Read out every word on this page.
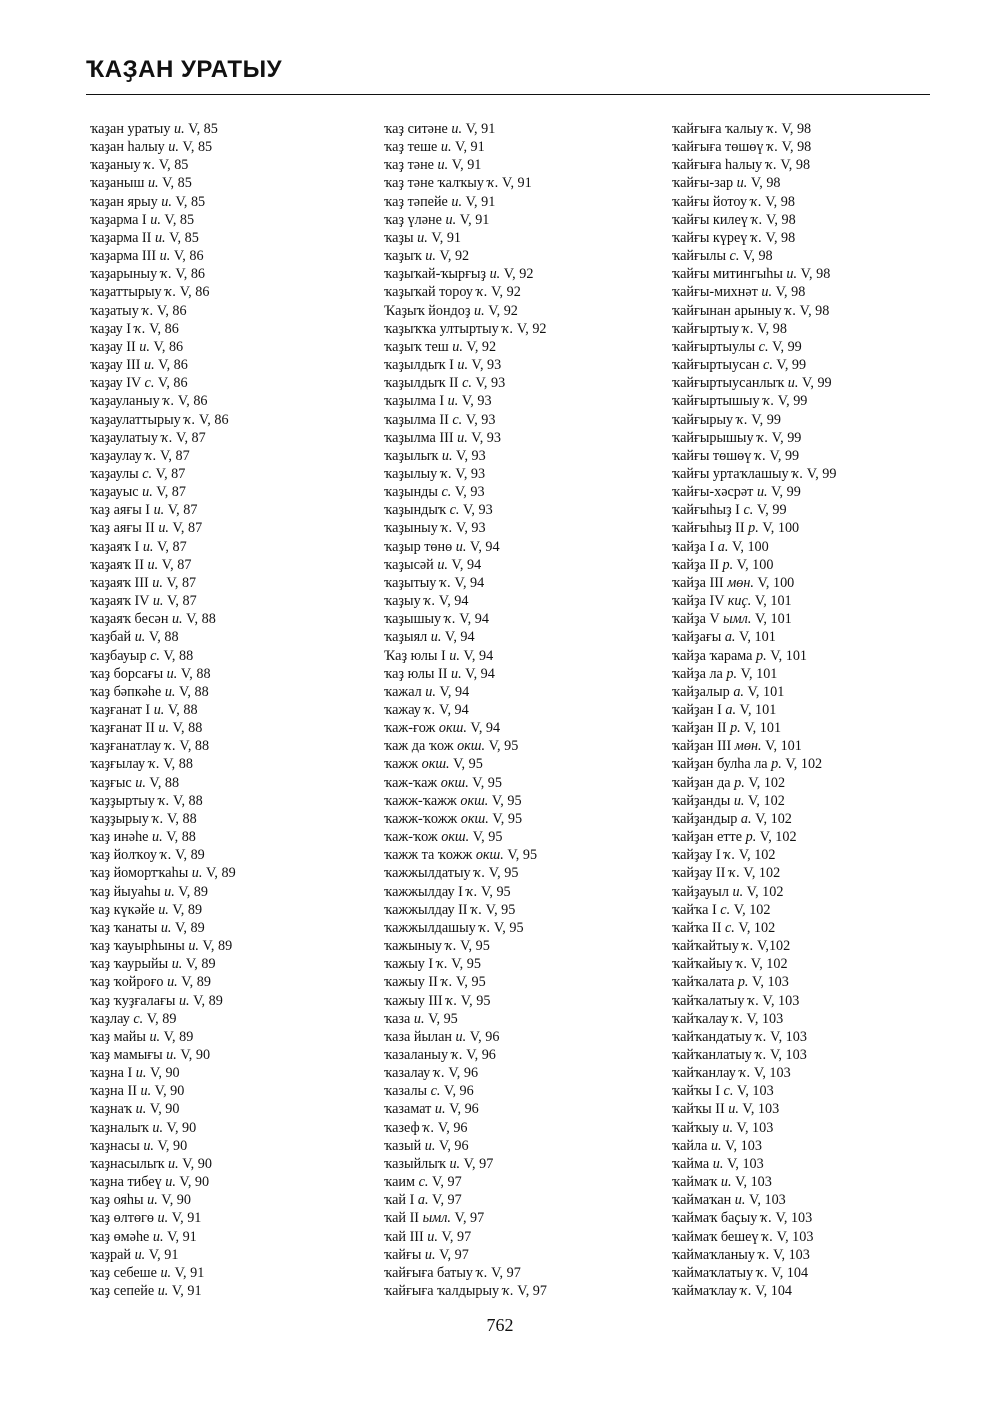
ҠАҘАН УРАТЫУ
ҡаҙан уратыу и. V, 85
ҡаҙан һалыу и. V, 85
ҡаҙаныу ҡ. V, 85
ҡаҙаныш и. V, 85
ҡаҙан ярыу и. V, 85
ҡаҙарма I и. V, 85
ҡаҙарма II и. V, 85
ҡаҙарма III и. V, 86
ҡаҙарыныу ҡ. V, 86
ҡаҙаттырыу ҡ. V, 86
ҡаҙатыу ҡ. V, 86
ҡаҙау I ҡ. V, 86
ҡаҙау II и. V, 86
ҡаҙау III и. V, 86
ҡаҙау IV с. V, 86
ҡаҙауланыу ҡ. V, 86
ҡаҙаулаттырыу ҡ. V, 86
ҡаҙаулатыу ҡ. V, 87
ҡаҙаулау ҡ. V, 87
ҡаҙаулы с. V, 87
ҡаҙауыс и. V, 87
ҡаҙ аяғы I и. V, 87
ҡаҙ аяғы II и. V, 87
ҡаҙаяҡ I и. V, 87
ҡаҙаяҡ II и. V, 87
ҡаҙаяҡ III и. V, 87
ҡаҙаяҡ IV и. V, 87
ҡаҙаяҡ бесән и. V, 88
ҡаҙбай и. V, 88
ҡаҙбауыр с. V, 88
ҡаҙ борсағы и. V, 88
ҡаҙ бәпкәһе и. V, 88
ҡаҙғанат I и. V, 88
ҡаҙғанат II и. V, 88
ҡаҙғанатлау ҡ. V, 88
ҡаҙғылау ҡ. V, 88
ҡаҙғыс и. V, 88
ҡаҙҙыртыу ҡ. V, 88
ҡаҙҙырыу ҡ. V, 88
ҡаҙ инәһе и. V, 88
ҡаҙ йолҡоу ҡ. V, 89
ҡаҙ йомортҡаһы и. V, 89
ҡаҙ йыуаһы и. V, 89
ҡаҙ күкәйе и. V, 89
ҡаҙ ҡанаты и. V, 89
ҡаҙ ҡауырһыны и. V, 89
ҡаҙ ҡаурыйы и. V, 89
ҡаҙ ҡойроғо и. V, 89
ҡаҙ ҡуҙғалағы и. V, 89
ҡаҙлау с. V, 89
ҡаҙ майы и. V, 89
ҡаҙ мамығы и. V, 90
ҡаҙна I и. V, 90
ҡаҙна II и. V, 90
ҡаҙнаҡ и. V, 90
ҡаҙналыҡ и. V, 90
ҡаҙнасы и. V, 90
ҡаҙнасылыҡ и. V, 90
ҡаҙна тибеү и. V, 90
ҡаҙ ояһы и. V, 90
ҡаҙ өлтөгө и. V, 91
ҡаҙ өмәһе и. V, 91
ҡаҙрай и. V, 91
ҡаҙ себеше и. V, 91
ҡаҙ сепейе и. V, 91
ҡаҙ ситәне и. V, 91
ҡаҙ теше и. V, 91
ҡаҙ тәне и. V, 91
ҡаҙ тәне ҡалҡыу ҡ. V, 91
ҡаҙ тәпейе и. V, 91
ҡаҙ үләне и. V, 91
ҡаҙы и. V, 91
ҡаҙыҡ и. V, 92
ҡаҙыҡай-ҡырғыҙ и. V, 92
ҡаҙыҡай тороу ҡ. V, 92
Ҡаҙыҡ йондоҙ и. V, 92
ҡаҙыҡҡа ултыртыу ҡ. V, 92
ҡаҙыҡ теш и. V, 92
ҡаҙылдыҡ I и. V, 93
ҡаҙылдыҡ II с. V, 93
ҡаҙылма I и. V, 93
ҡаҙылма II с. V, 93
ҡаҙылма III и. V, 93
ҡаҙылыҡ и. V, 93
ҡаҙылыу ҡ. V, 93
ҡаҙынды с. V, 93
ҡаҙындыҡ с. V, 93
ҡаҙыныу ҡ. V, 93
ҡаҙыр төнө и. V, 94
ҡаҙысәй и. V, 94
ҡаҙытыу ҡ. V, 94
ҡаҙыу ҡ. V, 94
ҡаҙышыу ҡ. V, 94
ҡаҙыял и. V, 94
Ҡаҙ юлы I и. V, 94
ҡаҙ юлы II и. V, 94
ҡажал и. V, 94
ҡажау ҡ. V, 94
ҡаж-ғож окш. V, 94
ҡаж да ҡож окш. V, 95
ҡажж окш. V, 95
ҡаж-ҡаж окш. V, 95
ҡажж-ҡажж окш. V, 95
ҡажж-ҡожж окш. V, 95
ҡаж-ҡож окш. V, 95
ҡажж та ҡожж окш. V, 95
ҡажжылдатыу ҡ. V, 95
ҡажжылдау I ҡ. V, 95
ҡажжылдау II ҡ. V, 95
ҡажжылдашыу ҡ. V, 95
ҡажыныу ҡ. V, 95
ҡажыу I ҡ. V, 95
ҡажыу II ҡ. V, 95
ҡажыу III ҡ. V, 95
ҡаза и. V, 95
ҡаза йылан и. V, 96
ҡазаланыу ҡ. V, 96
ҡазалау ҡ. V, 96
ҡазалы с. V, 96
ҡазамат и. V, 96
ҡазеф ҡ. V, 96
ҡазый и. V, 96
ҡазыйлыҡ и. V, 97
ҡаим с. V, 97
ҡай I а. V, 97
ҡай II ымл. V, 97
ҡай III и. V, 97
ҡайғы и. V, 97
ҡайғыға батыу ҡ. V, 97
ҡайғыға ҡалдырыу ҡ. V, 97
ҡайғыға ҡалыу ҡ. V, 98
ҡайғыға төшөү ҡ. V, 98
ҡайғыға һалыу ҡ. V, 98
ҡайғы-зар и. V, 98
ҡайғы йотоу ҡ. V, 98
ҡайғы килеү ҡ. V, 98
ҡайғы күреү ҡ. V, 98
ҡайғылы с. V, 98
ҡайғы митингыһы и. V, 98
ҡайғы-михнәт и. V, 98
ҡайғынан арыныу ҡ. V, 98
ҡайғыртыу ҡ. V, 98
ҡайғыртыулы с. V, 99
ҡайғыртыусан с. V, 99
ҡайғыртыусанлыҡ и. V, 99
ҡайғыртышыу ҡ. V, 99
ҡайғырыу ҡ. V, 99
ҡайғырышыу ҡ. V, 99
ҡайғы төшөү ҡ. V, 99
ҡайғы уртаҡлашыу ҡ. V, 99
ҡайғы-хәсрәт и. V, 99
ҡайғыһыҙ I с. V, 99
ҡайғыһыҙ II р. V, 100
ҡайҙа I а. V, 100
ҡайҙа II р. V, 100
ҡайҙа III мөн. V, 100
ҡайҙа IV киҫ. V, 101
ҡайҙа V ымл. V, 101
ҡайҙағы а. V, 101
ҡайҙа ҡарама р. V, 101
ҡайҙа ла р. V, 101
ҡайҙалыр а. V, 101
ҡайҙан I а. V, 101
ҡайҙан II р. V, 101
ҡайҙан III мөн. V, 101
ҡайҙан булһа ла р. V, 102
ҡайҙан да р. V, 102
ҡайҙанды и. V, 102
ҡайҙандыр а. V, 102
ҡайҙан етте р. V, 102
ҡайҙау I ҡ. V, 102
ҡайҙау II ҡ. V, 102
ҡайҙауыл и. V, 102
ҡайҡа I с. V, 102
ҡайҡа II с. V, 102
ҡайҡайтыу ҡ. V,102
ҡайҡайыу ҡ. V, 102
ҡайҡалата р. V, 103
ҡайҡалатыу ҡ. V, 103
ҡайҡалау ҡ. V, 103
ҡайҡандатыу ҡ. V, 103
ҡайҡанлатыу ҡ. V, 103
ҡайҡанлау ҡ. V, 103
ҡайҡы I с. V, 103
ҡайҡы II и. V, 103
ҡайҡыу и. V, 103
ҡайла и. V, 103
ҡайма и. V, 103
ҡаймаҡ и. V, 103
ҡаймаҡан и. V, 103
ҡаймаҡ баҫыу ҡ. V, 103
ҡаймаҡ бешеү ҡ. V, 103
ҡаймаҡланыу ҡ. V, 103
ҡаймаҡлатыу ҡ. V, 104
ҡаймаҡлау ҡ. V, 104
762
